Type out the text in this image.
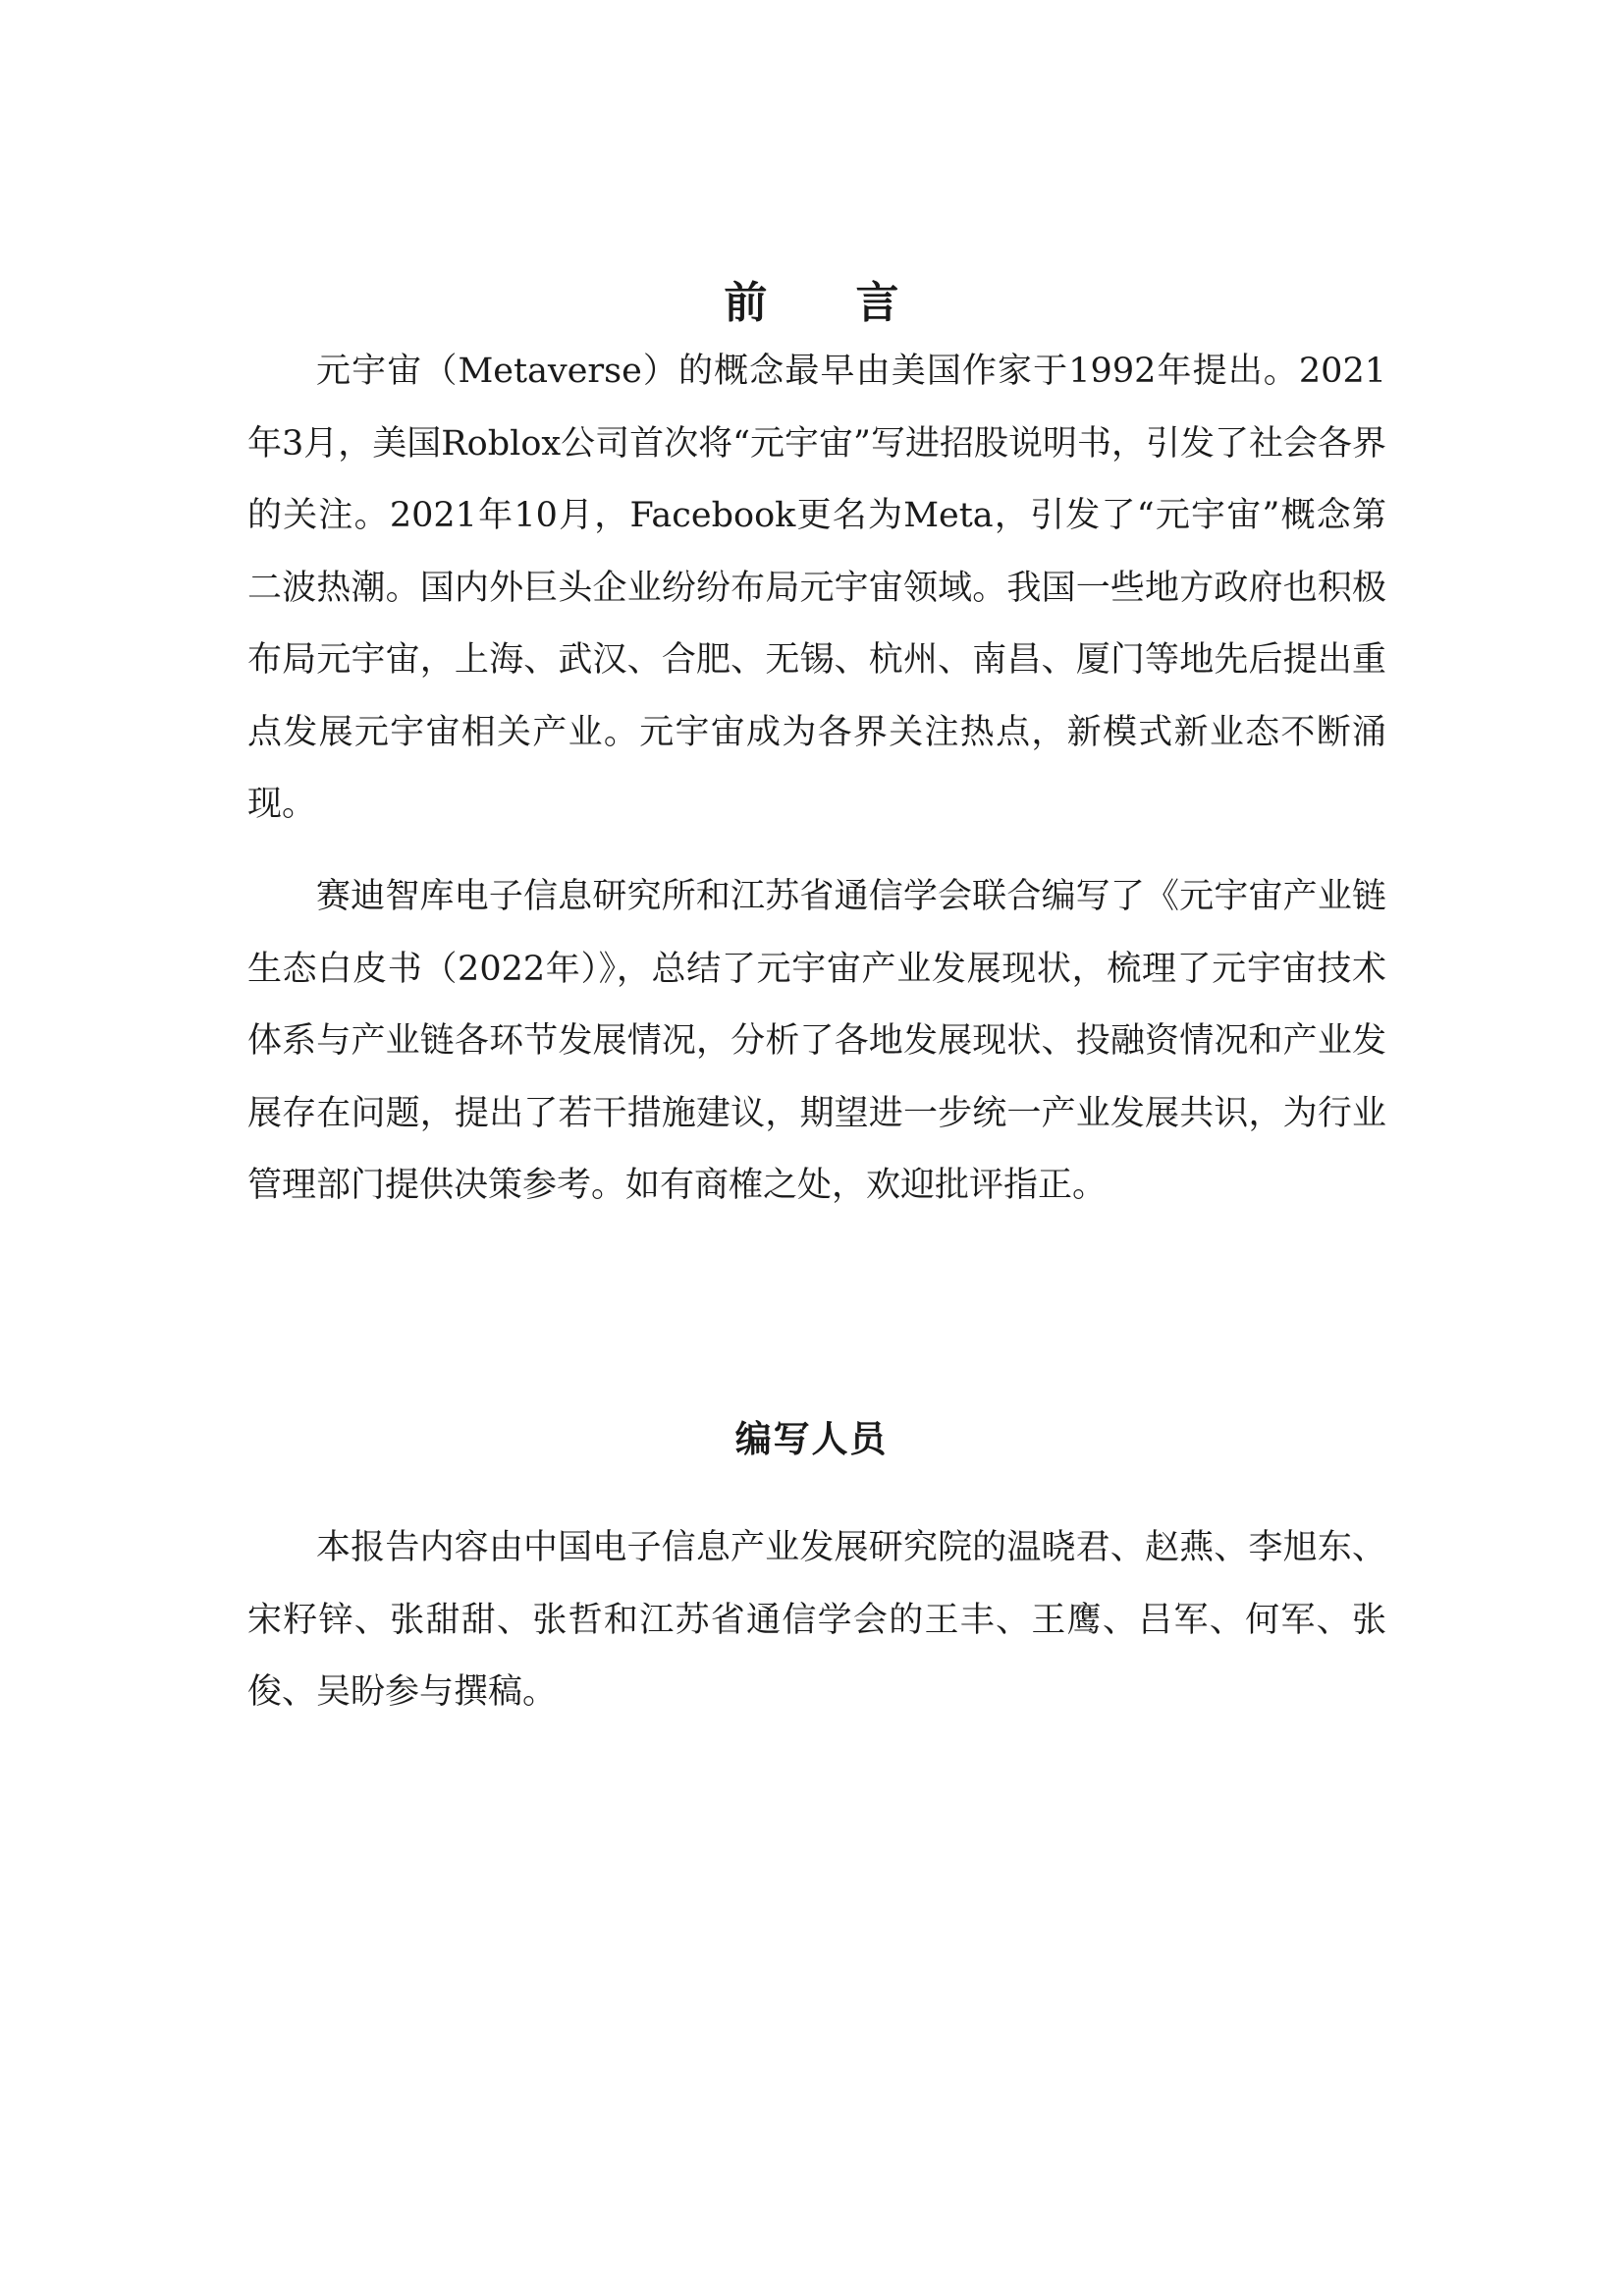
前 言

元宇宙（Metaverse）的概念最早由美国作家于1992年提出。2021年3月，美国Roblox公司首次将“元宇宙”写进招股说明书，引发了社会各界的关注。2021年10月，Facebook更名为Meta，引发了“元宇宙”概念第二波热潮。国内外巨头企业纷纷布局元宇宙领域。我国一些地方政府也积极布局元宇宙，上海、武汉、合肥、无锡、杭州、南昌、厦门等地先后提出重点发展元宇宙相关产业。元宇宙成为各界关注热点，新模式新业态不断涌现。

赛迪智库电子信息研究所和江苏省通信学会联合编写了《元宇宙产业链生态白皮书（2022年）》，总结了元宇宙产业发展现状，梳理了元宇宙技术体系与产业链各环节发展情况，分析了各地发展现状、投融资情况和产业发展存在问题，提出了若干措施建议，期望进一步统一产业发展共识，为行业管理部门提供决策参考。如有商榷之处，欢迎批评指正。

编写人员

本报告内容由中国电子信息产业发展研究院的温晓君、赵燕、李旭东、宋籽锌、张甜甜、张哲和江苏省通信学会的王丰、王鹰、吕军、何军、张俊、吴盼参与撰稿。
